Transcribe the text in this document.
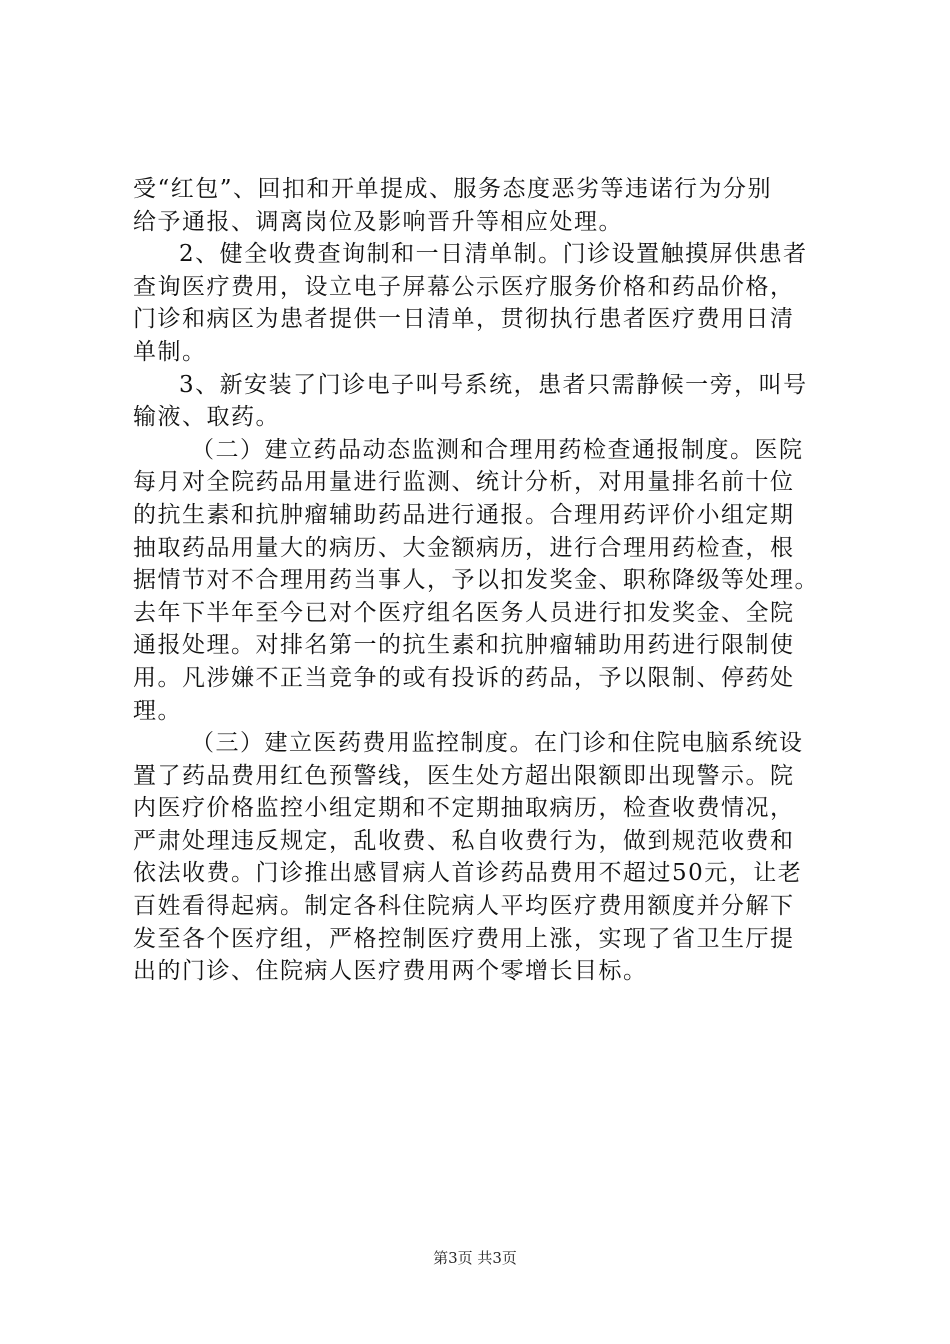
受“红包”、回扣和开单提成、服务态度恶劣等违诺行为分别
给予通报、调离岗位及影响晋升等相应处理。
2、健全收费查询制和一日清单制。门诊设置触摸屏供患者
查询医疗费用，设立电子屏幕公示医疗服务价格和药品价格，
门诊和病区为患者提供一日清单，贯彻执行患者医疗费用日清
单制。
3、新安装了门诊电子叫号系统，患者只需静候一旁，叫号
输液、取药。
（二）建立药品动态监测和合理用药检查通报制度。医院
每月对全院药品用量进行监测、统计分析，对用量排名前十位
的抗生素和抗肿瘤辅助药品进行通报。合理用药评价小组定期
抽取药品用量大的病历、大金额病历，进行合理用药检查，根
据情节对不合理用药当事人，予以扣发奖金、职称降级等处理。
去年下半年至今已对个医疗组名医务人员进行扣发奖金、全院
通报处理。对排名第一的抗生素和抗肿瘤辅助用药进行限制使
用。凡涉嫌不正当竞争的或有投诉的药品，予以限制、停药处
理。
（三）建立医药费用监控制度。在门诊和住院电脑系统设
置了药品费用红色预警线，医生处方超出限额即出现警示。院
内医疗价格监控小组定期和不定期抽取病历，检查收费情况，
严肃处理违反规定，乱收费、私自收费行为，做到规范收费和
依法收费。门诊推出感冒病人首诊药品费用不超过50元，让老
百姓看得起病。制定各科住院病人平均医疗费用额度并分解下
发至各个医疗组，严格控制医疗费用上涨，实现了省卫生厅提
出的门诊、住院病人医疗费用两个零增长目标。
第3页 共3页
